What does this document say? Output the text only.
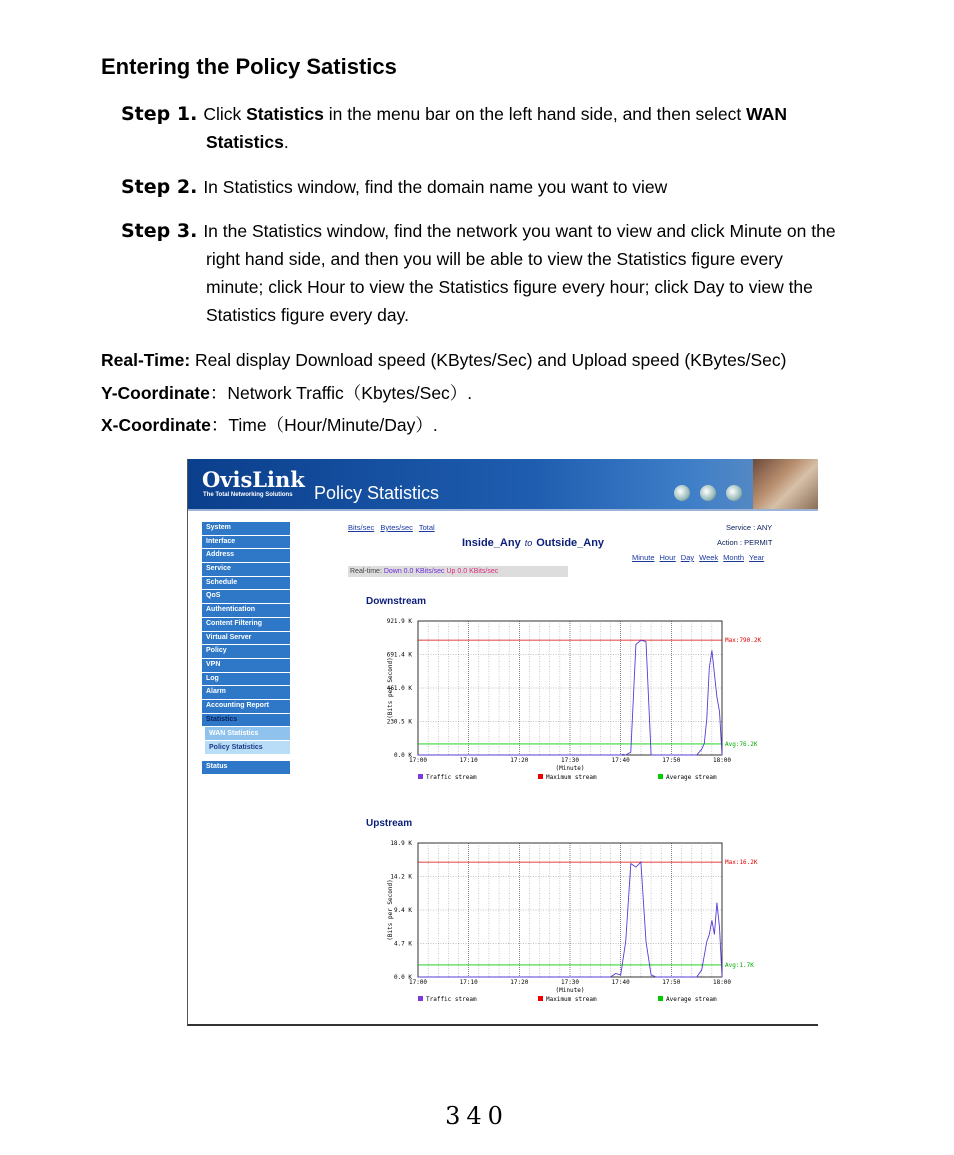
Entering the Policy Satistics
Step 1. Click Statistics in the menu bar on the left hand side, and then select WAN
Statistics.
Step 2. In Statistics window, find the domain name you want to view
Step 3. In the Statistics window, find the network you want to view and click Minute on the
right hand side, and then you will be able to view the Statistics figure every
minute; click Hour to view the Statistics figure every hour; click Day to view the
Statistics figure every day.
Real-Time: Real display Download speed (KBytes/Sec) and Upload speed (KBytes/Sec)
Y-Coordinate：Network Traffic（Kbytes/Sec）.
X-Coordinate：Time（Hour/Minute/Day）.
OvisLink
The Total Networking Solutions Policy Statistics
System
Interface
Address
Service
Schedule
QoS
Authentication
Content Filtering
Virtual Server
Policy
VPN
Log
Alarm
Accounting Report
Statistics
WAN Statistics
Policy Statistics
Status
Bits/sec Bytes/sec Total	Service : ANY
Inside_Any to Outside_Any	Action : PERMIT
Minute Hour Day Week Month Year
Real-time: Down 0.0 KBits/sec Up 0.0 KBits/sec
Downstream
17:00	17:10	17:20	17:30	17:40	17:50	18:00
0.0 K
230.5 K
461.0 K
691.4 K
921.9 K
(Bits per Second)
(Minute)
Max:790.2K
Avg:76.2K
Traffic stream	Maximum stream	Average stream
Upstream
17:00	17:10	17:20	17:30	17:40	17:50	18:00
0.0 K
4.7 K
9.4 K
14.2 K
18.9 K
(Bits per Second)
(Minute)
Max:16.2K
Avg:1.7K
Traffic stream	Maximum stream	Average stream
340
